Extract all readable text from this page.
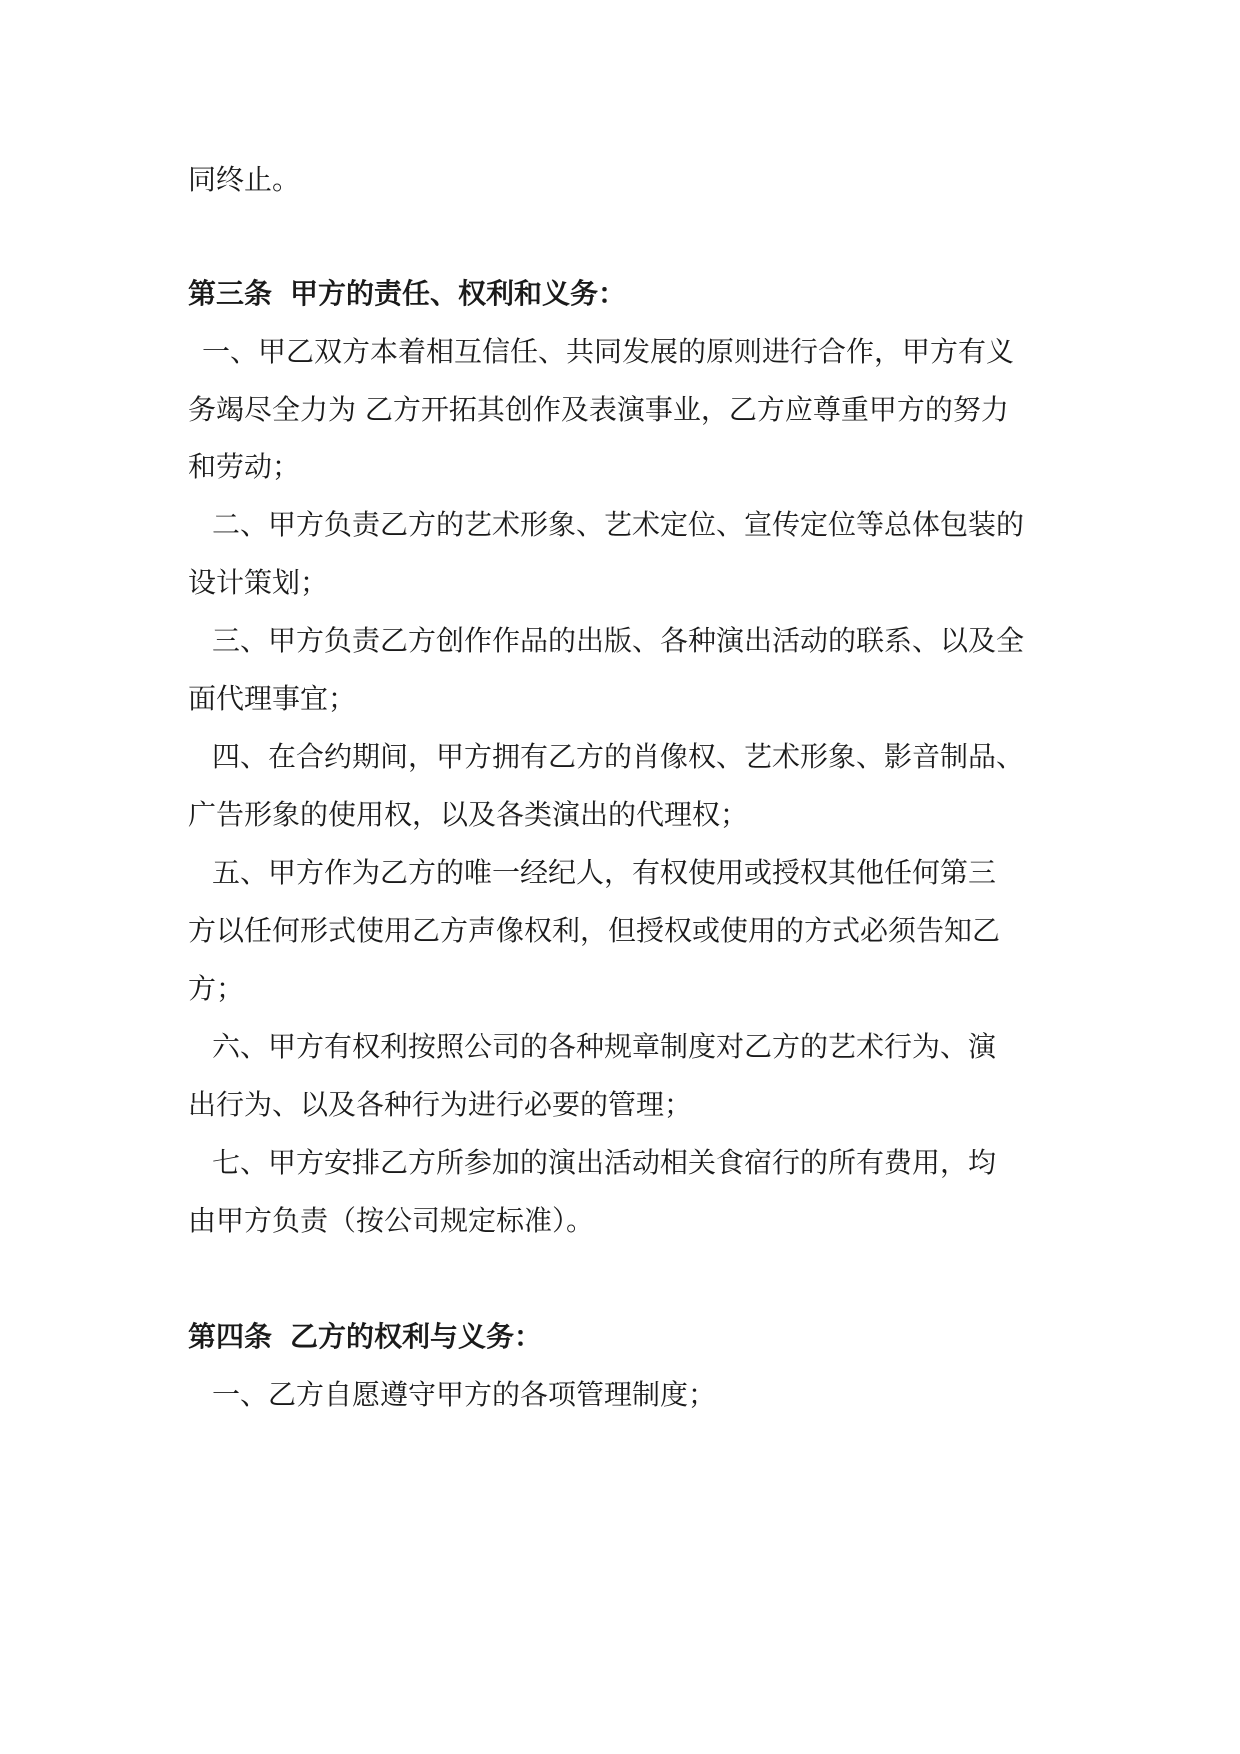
同终止。
第三条 甲方的责任、权利和义务：
一、甲乙双方本着相互信任、共同发展的原则进行合作，甲方有义
务竭尽全力为 乙方开拓其创作及表演事业，乙方应尊重甲方的努力
和劳动；
二、甲方负责乙方的艺术形象、艺术定位、宣传定位等总体包装的
设计策划；
三、甲方负责乙方创作作品的出版、各种演出活动的联系、以及全
面代理事宜；
四、在合约期间，甲方拥有乙方的肖像权、艺术形象、影音制品、
广告形象的使用权，以及各类演出的代理权；
五、甲方作为乙方的唯一经纪人，有权使用或授权其他任何第三
方以任何形式使用乙方声像权利，但授权或使用的方式必须告知乙
方；
六、甲方有权利按照公司的各种规章制度对乙方的艺术行为、演
出行为、以及各种行为进行必要的管理；
七、甲方安排乙方所参加的演出活动相关食宿行的所有费用，均
由甲方负责（按公司规定标准）。
第四条 乙方的权利与义务：
一、乙方自愿遵守甲方的各项管理制度；
